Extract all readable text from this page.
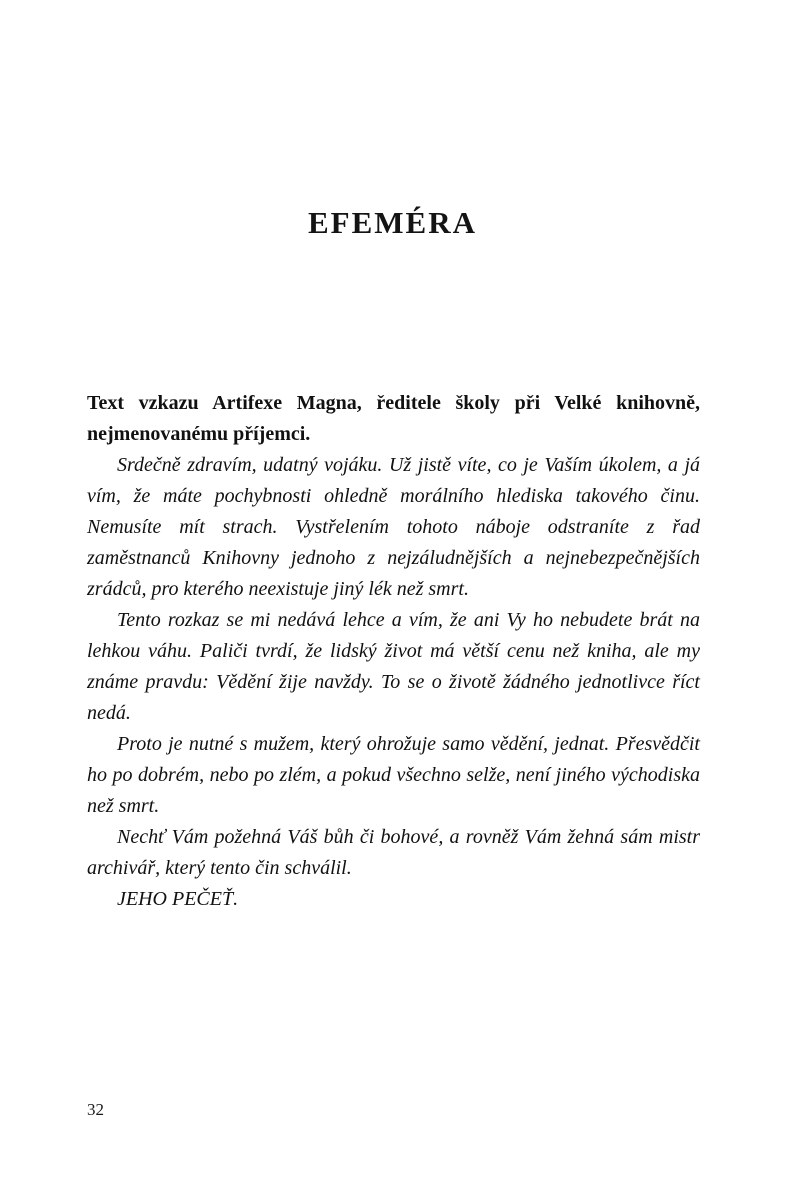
EFEMÉRA

Text vzkazu Artifexe Magna, ředitele školy při Velké knihovně, nejmenovanému příjemci.

Srdečně zdravím, udatný vojáku. Už jistě víte, co je Vaším úkolem, a já vím, že máte pochybnosti ohledně morálního hlediska takového činu. Nemusíte mít strach. Vystřelením tohoto náboje odstraníte z řad zaměstnanců Knihovny jednoho z nejzáludnějších a nejnebezpečnějších zrádců, pro kterého neexistuje jiný lék než smrt.

Tento rozkaz se mi nedává lehce a vím, že ani Vy ho nebudete brát na lehkou váhu. Paliči tvrdí, že lidský život má větší cenu než kniha, ale my známe pravdu: Vědění žije navždy. To se o životě žádného jednotlivce říct nedá.

Proto je nutné s mužem, který ohrožuje samo vědění, jednat. Přesvědčit ho po dobrém, nebo po zlém, a pokud všechno selže, není jiného východiska než smrt.

Nechť Vám požehná Váš bůh či bohové, a rovněž Vám žehná sám mistr archivář, který tento čin schválil.

JEHO PEČEŤ.

32
